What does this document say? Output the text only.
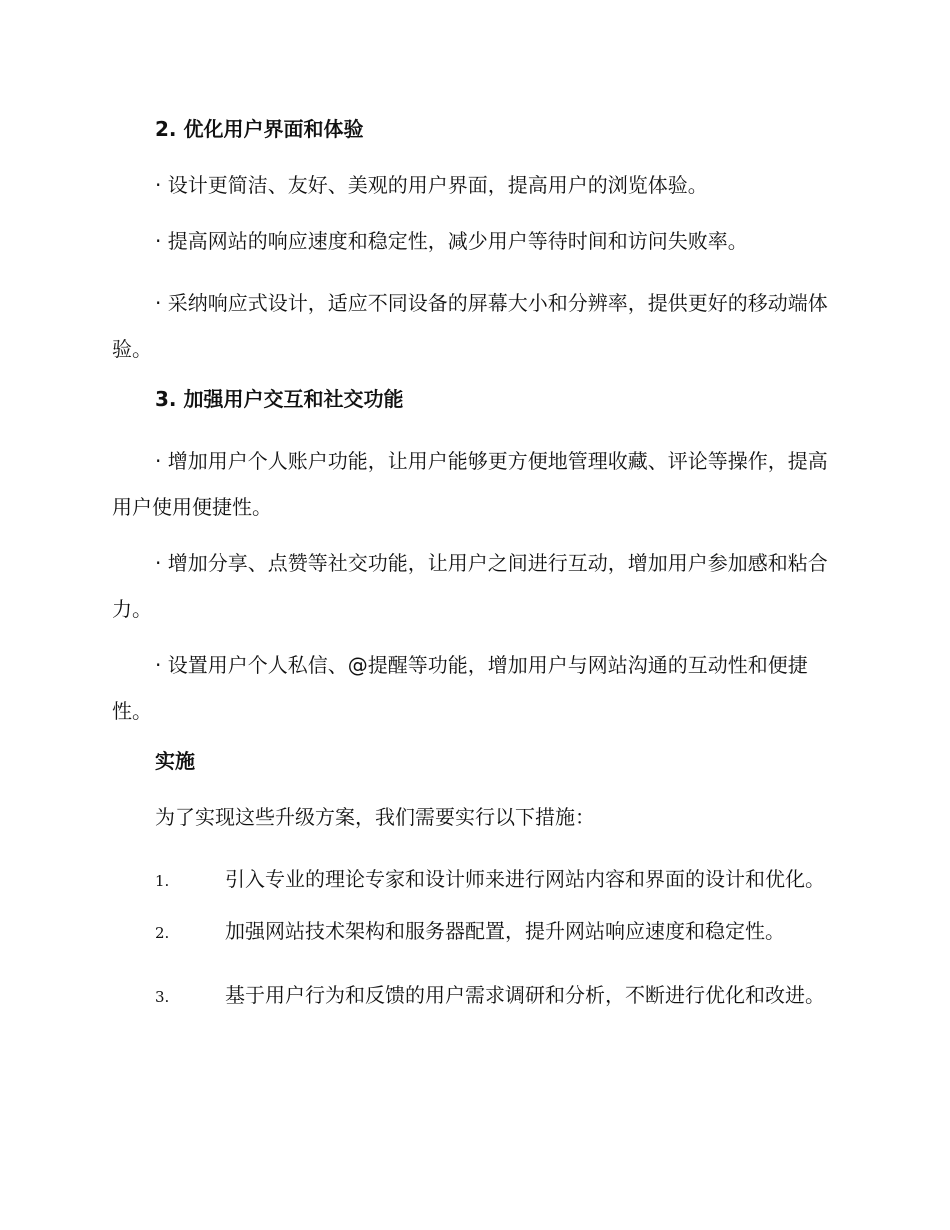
2. 优化用户界面和体验

· 设计更简洁、友好、美观的用户界面，提高用户的浏览体验。

· 提高网站的响应速度和稳定性，减少用户等待时间和访问失败率。

· 采纳响应式设计，适应不同设备的屏幕大小和分辨率，提供更好的移动端体验。

3. 加强用户交互和社交功能

· 增加用户个人账户功能，让用户能够更方便地管理收藏、评论等操作，提高用户使用便捷性。

· 增加分享、点赞等社交功能，让用户之间进行互动，增加用户参加感和粘合力。

· 设置用户个人私信、@提醒等功能，增加用户与网站沟通的互动性和便捷性。

实施

为了实现这些升级方案，我们需要实行以下措施：

1.	引入专业的理论专家和设计师来进行网站内容和界面的设计和优化。

2.	加强网站技术架构和服务器配置，提升网站响应速度和稳定性。

3.	基于用户行为和反馈的用户需求调研和分析，不断进行优化和改进。
